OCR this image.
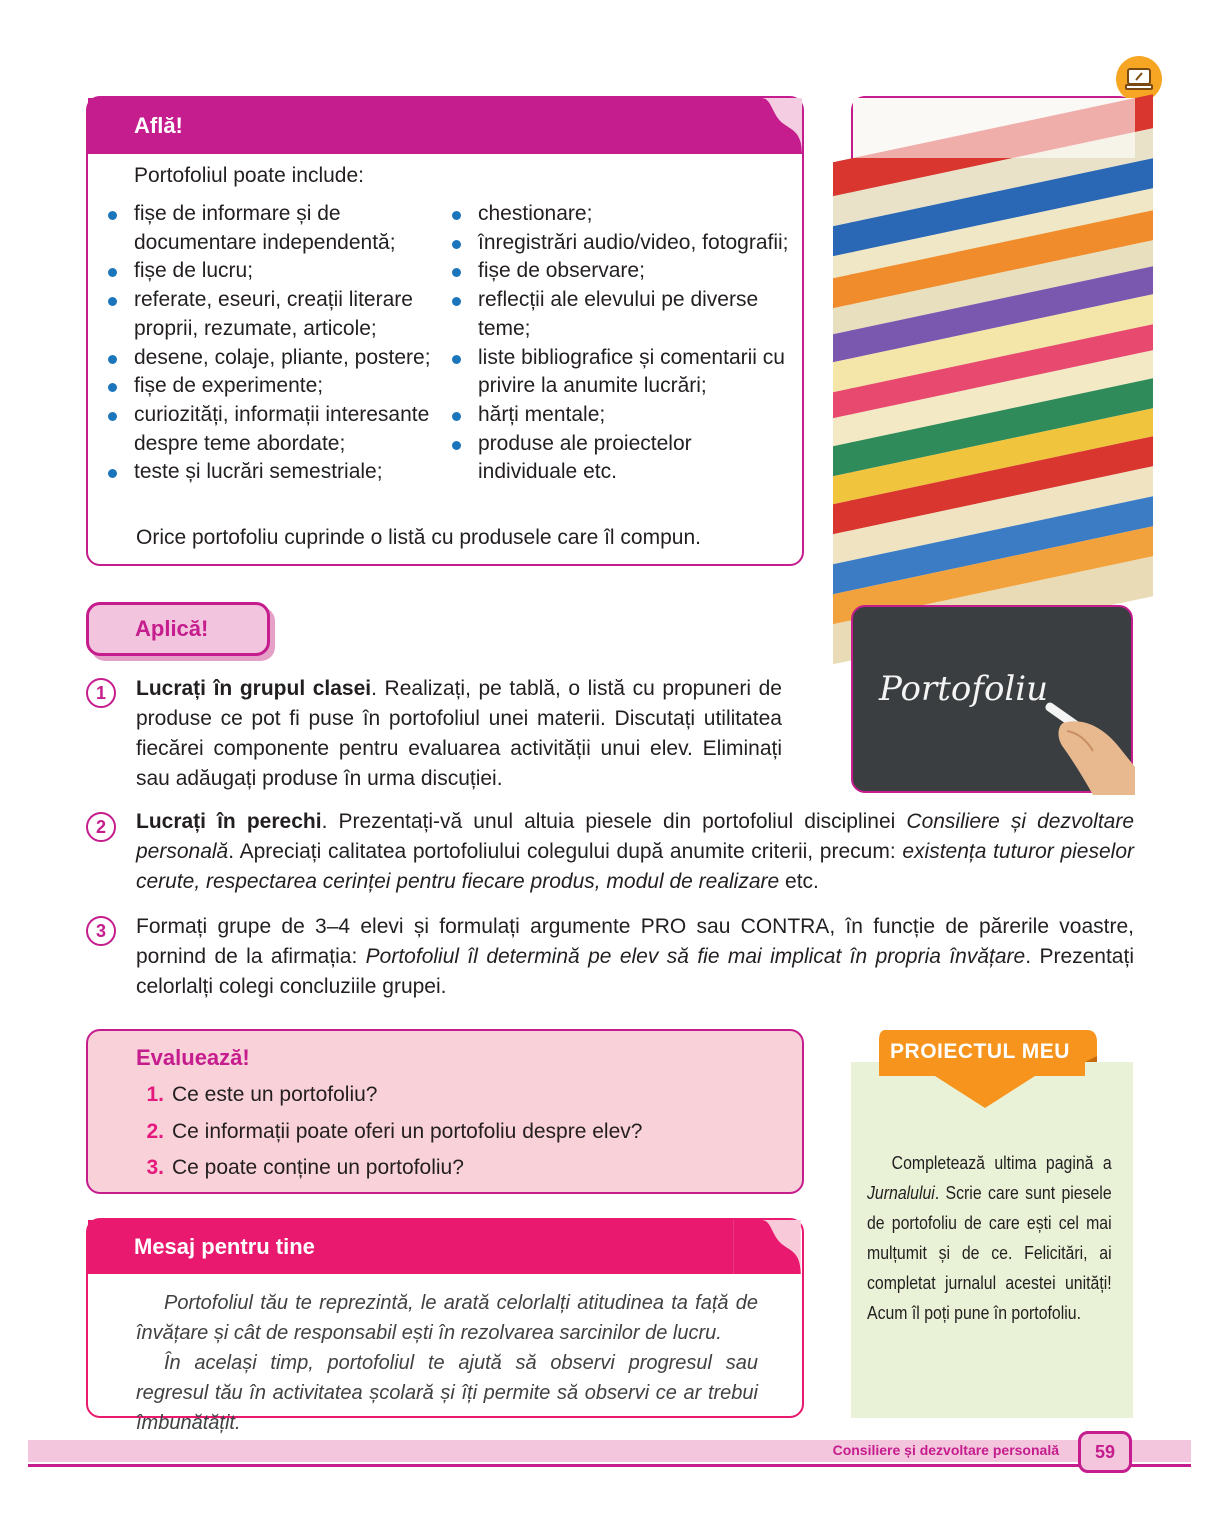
Află!
Portofoliul poate include:
fișe de informare și de documentare independentă;
fișe de lucru;
referate, eseuri, creații literare proprii, rezumate, articole;
desene, colaje, pliante, postere;
fișe de experimente;
curiozități, informații interesante despre teme abordate;
teste și lucrări semestriale;
chestionare;
înregistrări audio/video, fotografii;
fișe de observare;
reflecții ale elevului pe diverse teme;
liste bibliografice și comentarii cu privire la anumite lucrări;
hărți mentale;
produse ale proiectelor individuale etc.
Orice portofoliu cuprinde o listă cu produsele care îl compun.
Aplică!
Portofoliu
1	Lucrați în grupul clasei. Realizați, pe tablă, o listă cu propuneri de produse ce pot fi puse în portofoliul unei materii. Discutați utilitatea fiecărei componente pentru evaluarea activității unui elev. Eliminați sau adăugați produse în urma discuției.
2	Lucrați în perechi. Prezentați-vă unul altuia piesele din portofoliul disciplinei Consiliere și dezvoltare personală. Apreciați calitatea portofoliului colegului după anumite criterii, precum: existența tuturor pieselor cerute, respectarea cerinței pentru fiecare produs, modul de realizare etc.
3	Formați grupe de 3–4 elevi și formulați argumente PRO sau CONTRA, în funcție de părerile voastre, pornind de la afirmația: Portofoliul îl determină pe elev să fie mai implicat în propria învățare. Prezentați celorlalți colegi concluziile grupei.
Evaluează!
1. Ce este un portofoliu?
2. Ce informații poate oferi un portofoliu despre elev?
3. Ce poate conține un portofoliu?
Mesaj pentru tine
Portofoliul tău te reprezintă, le arată celorlalți atitudinea ta față de învățare și cât de responsabil ești în rezolvarea sarcinilor de lucru.
În același timp, portofoliul te ajută să observi progresul sau regresul tău în activitatea școlară și îți permite să observi ce ar trebui îmbunătățit.
Completează ultima pagină a Jurnalului. Scrie care sunt piesele de portofoliu de care ești cel mai mulțumit și de ce. Felicitări, ai completat jurnalul acestei unități! Acum îl poți pune în portofoliu.
PROIECTUL MEU
Consiliere și dezvoltare personală	59
